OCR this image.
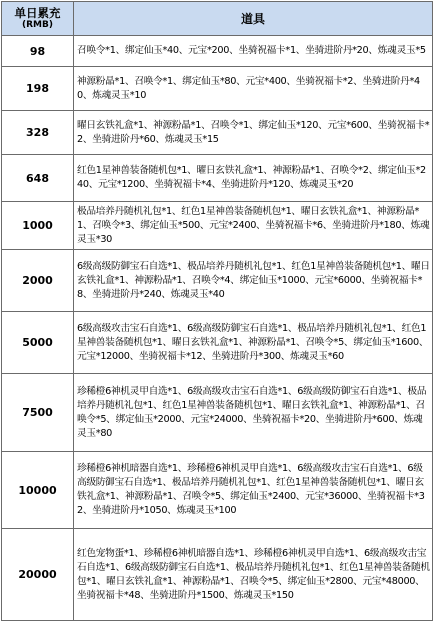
单日累充
(RMB)	道具
98	召唤令*1、绑定仙玉*40、元宝*200、坐骑祝福卡*1、坐骑进阶丹*20、炼魂灵玉*5
198	神源粉晶*1、召唤令*1、绑定仙玉*80、元宝*400、坐骑祝福卡*2、坐骑进阶丹*40、炼魂灵玉*10
328	曜日玄铁礼盒*1、神源粉晶*1、召唤令*1、绑定仙玉*120、元宝*600、坐骑祝福卡*2、坐骑进阶丹*60、炼魂灵玉*15
648	红色1星神兽装备随机包*1、曜日玄铁礼盒*1、神源粉晶*1、召唤令*2、绑定仙玉*240、元宝*1200、坐骑祝福卡*4、坐骑进阶丹*120、炼魂灵玉*20
1000	极品培养丹随机礼包*1、红色1星神兽装备随机包*1、曜日玄铁礼盒*1、神源粉晶*1、召唤令*3、绑定仙玉*500、元宝*2400、坐骑祝福卡*6、坐骑进阶丹*180、炼魂灵玉*30
2000	6级高级防御宝石自选*1、极品培养丹随机礼包*1、红色1星神兽装备随机包*1、曜日玄铁礼盒*1、神源粉晶*1、召唤令*4、绑定仙玉*1000、元宝*6000、坐骑祝福卡*8、坐骑进阶丹*240、炼魂灵玉*40
5000	6级高级攻击宝石自选*1、6级高级防御宝石自选*1、极品培养丹随机礼包*1、红色1星神兽装备随机包*1、曜日玄铁礼盒*1、神源粉晶*1、召唤令*5、绑定仙玉*1600、元宝*12000、坐骑祝福卡*12、坐骑进阶丹*300、炼魂灵玉*60
7500	珍稀橙6神机灵甲自选*1、6级高级攻击宝石自选*1、6级高级防御宝石自选*1、极品培养丹随机礼包*1、红色1星神兽装备随机包*1、曜日玄铁礼盒*1、神源粉晶*1、召唤令*5、绑定仙玉*2000、元宝*24000、坐骑祝福卡*20、坐骑进阶丹*600、炼魂灵玉*80
10000	珍稀橙6神机暗器自选*1、珍稀橙6神机灵甲自选*1、6级高级攻击宝石自选*1、6级高级防御宝石自选*1、极品培养丹随机礼包*1、红色1星神兽装备随机包*1、曜日玄铁礼盒*1、神源粉晶*1、召唤令*5、绑定仙玉*2400、元宝*36000、坐骑祝福卡*32、坐骑进阶丹*1050、炼魂灵玉*100
20000	红色宠物蛋*1、珍稀橙6神机暗器自选*1、珍稀橙6神机灵甲自选*1、6级高级攻击宝石自选*1、6级高级防御宝石自选*1、极品培养丹随机礼包*1、红色1星神兽装备随机包*1、曜日玄铁礼盒*1、神源粉晶*1、召唤令*5、绑定仙玉*2800、元宝*48000、坐骑祝福卡*48、坐骑进阶丹*1500、炼魂灵玉*150
